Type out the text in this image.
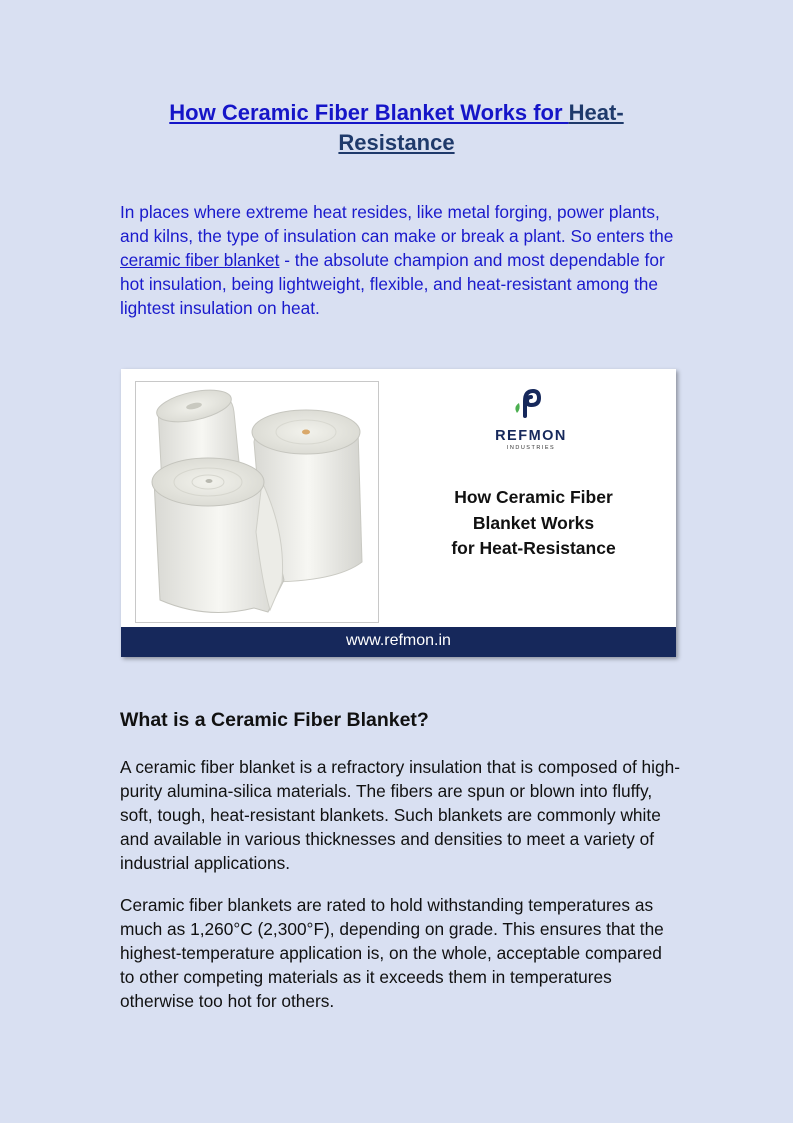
How Ceramic Fiber Blanket Works for Heat-Resistance
In places where extreme heat resides, like metal forging, power plants, and kilns, the type of insulation can make or break a plant. So enters the ceramic fiber blanket - the absolute champion and most dependable for hot insulation, being lightweight, flexible, and heat-resistant among the lightest insulation on heat.
REFMON
INDUSTRIES
How Ceramic Fiber
Blanket Works
for Heat-Resistance
www.refmon.in
What is a Ceramic Fiber Blanket?
A ceramic fiber blanket is a refractory insulation that is composed of high-purity alumina-silica materials. The fibers are spun or blown into fluffy, soft, tough, heat-resistant blankets. Such blankets are commonly white and available in various thicknesses and densities to meet a variety of industrial applications.
Ceramic fiber blankets are rated to hold withstanding temperatures as much as 1,260°C (2,300°F), depending on grade. This ensures that the highest-temperature application is, on the whole, acceptable compared to other competing materials as it exceeds them in temperatures otherwise too hot for others.
